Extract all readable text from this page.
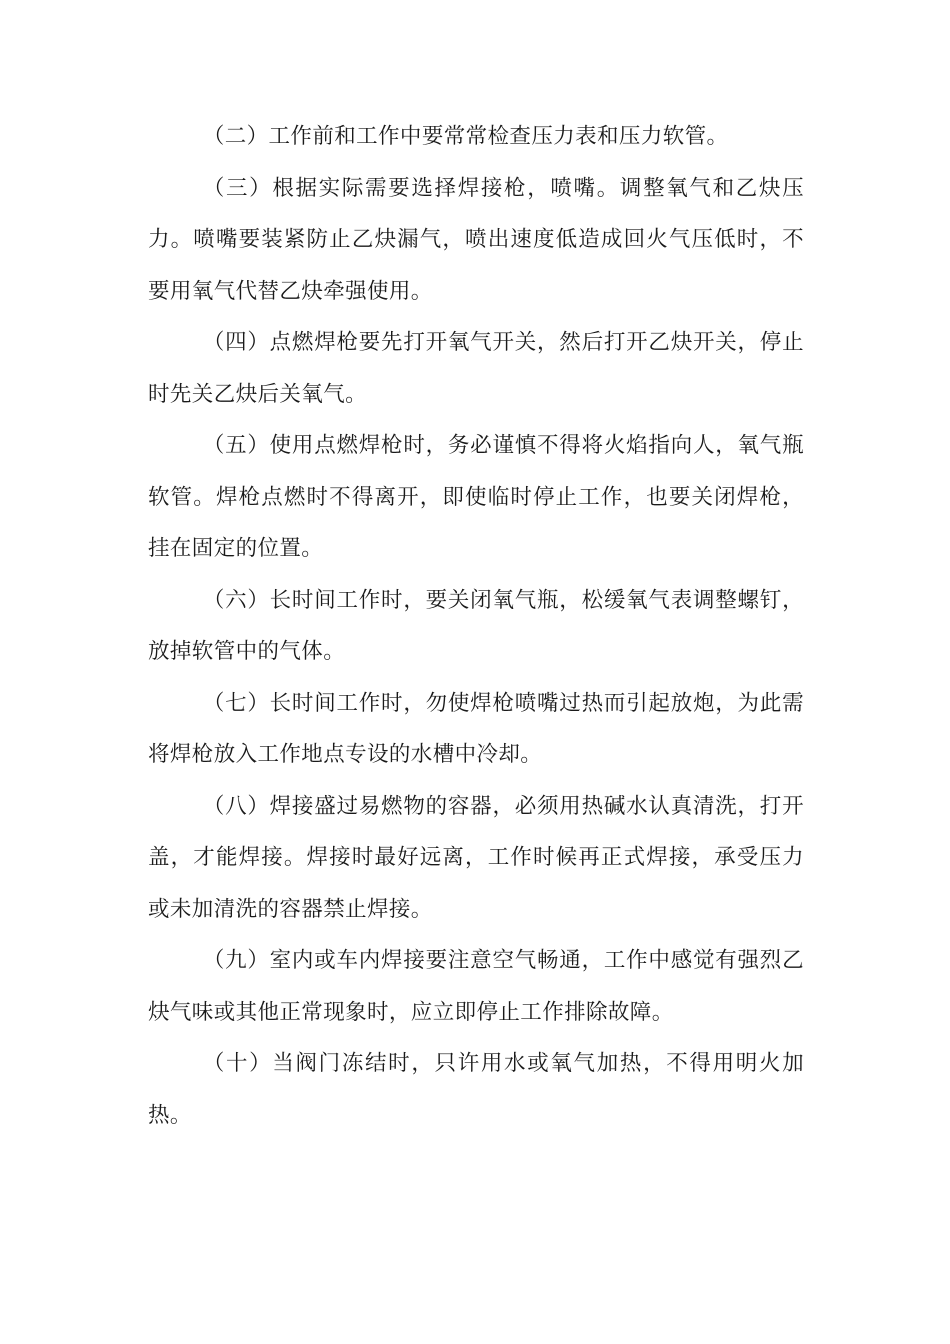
（二）工作前和工作中要常常检查压力表和压力软管。

（三）根据实际需要选择焊接枪，喷嘴。调整氧气和乙炔压力。喷嘴要装紧防止乙炔漏气，喷出速度低造成回火气压低时，不要用氧气代替乙炔牵强使用。

（四）点燃焊枪要先打开氧气开关，然后打开乙炔开关，停止时先关乙炔后关氧气。

（五）使用点燃焊枪时，务必谨慎不得将火焰指向人，氧气瓶软管。焊枪点燃时不得离开，即使临时停止工作，也要关闭焊枪，挂在固定的位置。

（六）长时间工作时，要关闭氧气瓶，松缓氧气表调整螺钉，放掉软管中的气体。

（七）长时间工作时，勿使焊枪喷嘴过热而引起放炮，为此需将焊枪放入工作地点专设的水槽中冷却。

（八）焊接盛过易燃物的容器，必须用热碱水认真清洗，打开盖，才能焊接。焊接时最好远离，工作时候再正式焊接，承受压力或未加清洗的容器禁止焊接。

（九）室内或车内焊接要注意空气畅通，工作中感觉有强烈乙炔气味或其他正常现象时，应立即停止工作排除故障。

（十）当阀门冻结时，只许用水或氧气加热，不得用明火加热。
